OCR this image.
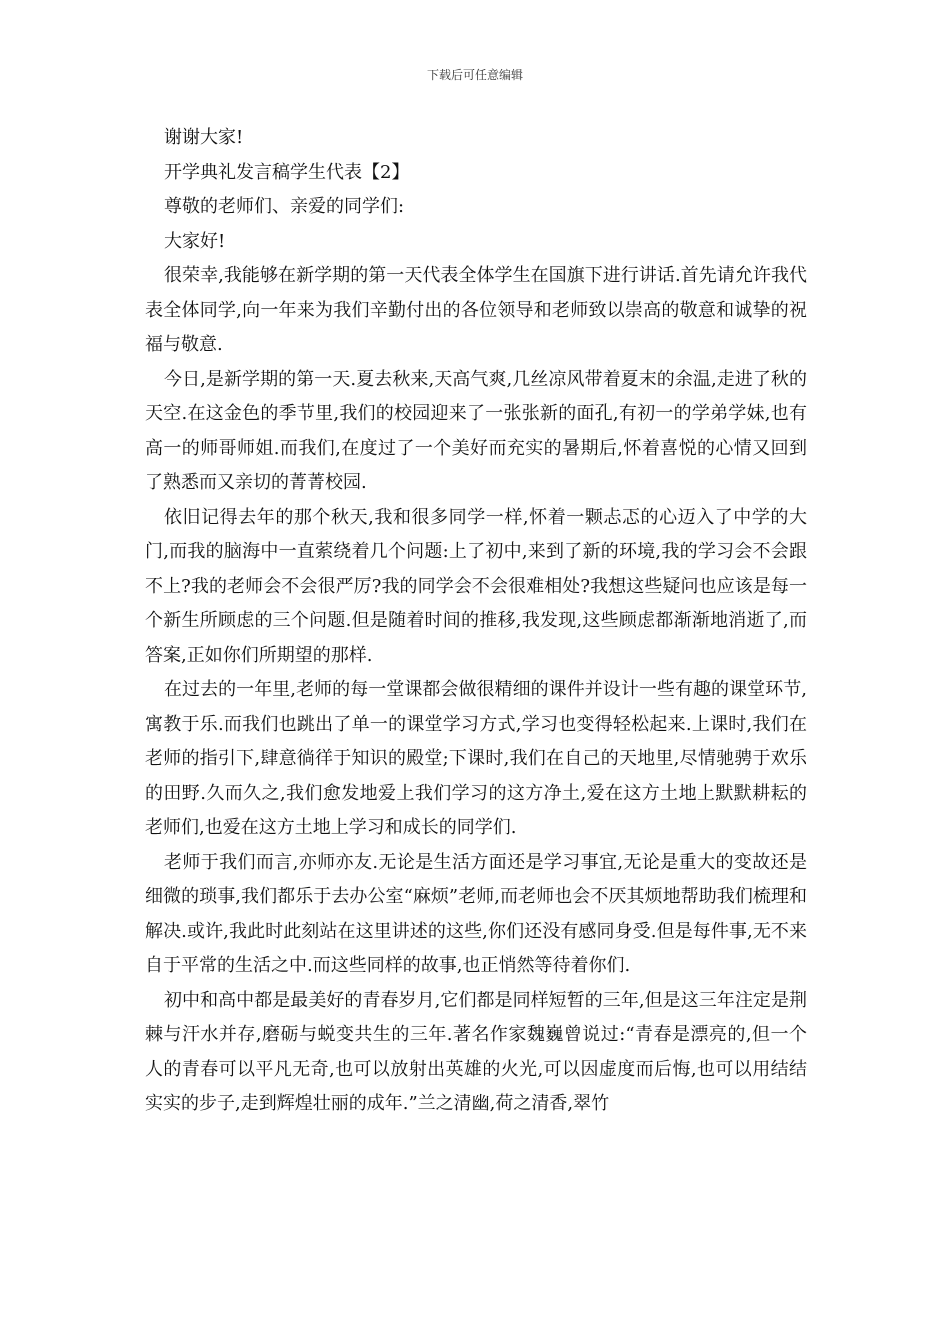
下载后可任意编辑

谢谢大家!

开学典礼发言稿学生代表【2】

尊敬的老师们、亲爱的同学们:

大家好!

很荣幸,我能够在新学期的第一天代表全体学生在国旗下进行讲话.首先请允许我代表全体同学,向一年来为我们辛勤付出的各位领导和老师致以崇高的敬意和诚挚的祝福与敬意.

今日,是新学期的第一天.夏去秋来,天高气爽,几丝凉风带着夏末的余温,走进了秋的天空.在这金色的季节里,我们的校园迎来了一张张新的面孔,有初一的学弟学妹,也有高一的师哥师姐.而我们,在度过了一个美好而充实的暑期后,怀着喜悦的心情又回到了熟悉而又亲切的菁菁校园.

依旧记得去年的那个秋天,我和很多同学一样,怀着一颗忐忑的心迈入了中学的大门,而我的脑海中一直萦绕着几个问题:上了初中,来到了新的环境,我的学习会不会跟不上?我的老师会不会很严厉?我的同学会不会很难相处?我想这些疑问也应该是每一个新生所顾虑的三个问题.但是随着时间的推移,我发现,这些顾虑都渐渐地消逝了,而答案,正如你们所期望的那样.

在过去的一年里,老师的每一堂课都会做很精细的课件并设计一些有趣的课堂环节,寓教于乐.而我们也跳出了单一的课堂学习方式,学习也变得轻松起来.上课时,我们在老师的指引下,肆意徜徉于知识的殿堂;下课时,我们在自己的天地里,尽情驰骋于欢乐的田野.久而久之,我们愈发地爱上我们学习的这方净土,爱在这方土地上默默耕耘的老师们,也爱在这方土地上学习和成长的同学们.

老师于我们而言,亦师亦友.无论是生活方面还是学习事宜,无论是重大的变故还是细微的琐事,我们都乐于去办公室“麻烦”老师,而老师也会不厌其烦地帮助我们梳理和解决.或许,我此时此刻站在这里讲述的这些,你们还没有感同身受.但是每件事,无不来自于平常的生活之中.而这些同样的故事,也正悄然等待着你们.

初中和高中都是最美好的青春岁月,它们都是同样短暂的三年,但是这三年注定是荆棘与汗水并存,磨砺与蜕变共生的三年.著名作家魏巍曾说过:“青春是漂亮的,但一个人的青春可以平凡无奇,也可以放射出英雄的火光,可以因虚度而后悔,也可以用结结实实的步子,走到辉煌壮丽的成年.”兰之清幽,荷之清香,翠竹
